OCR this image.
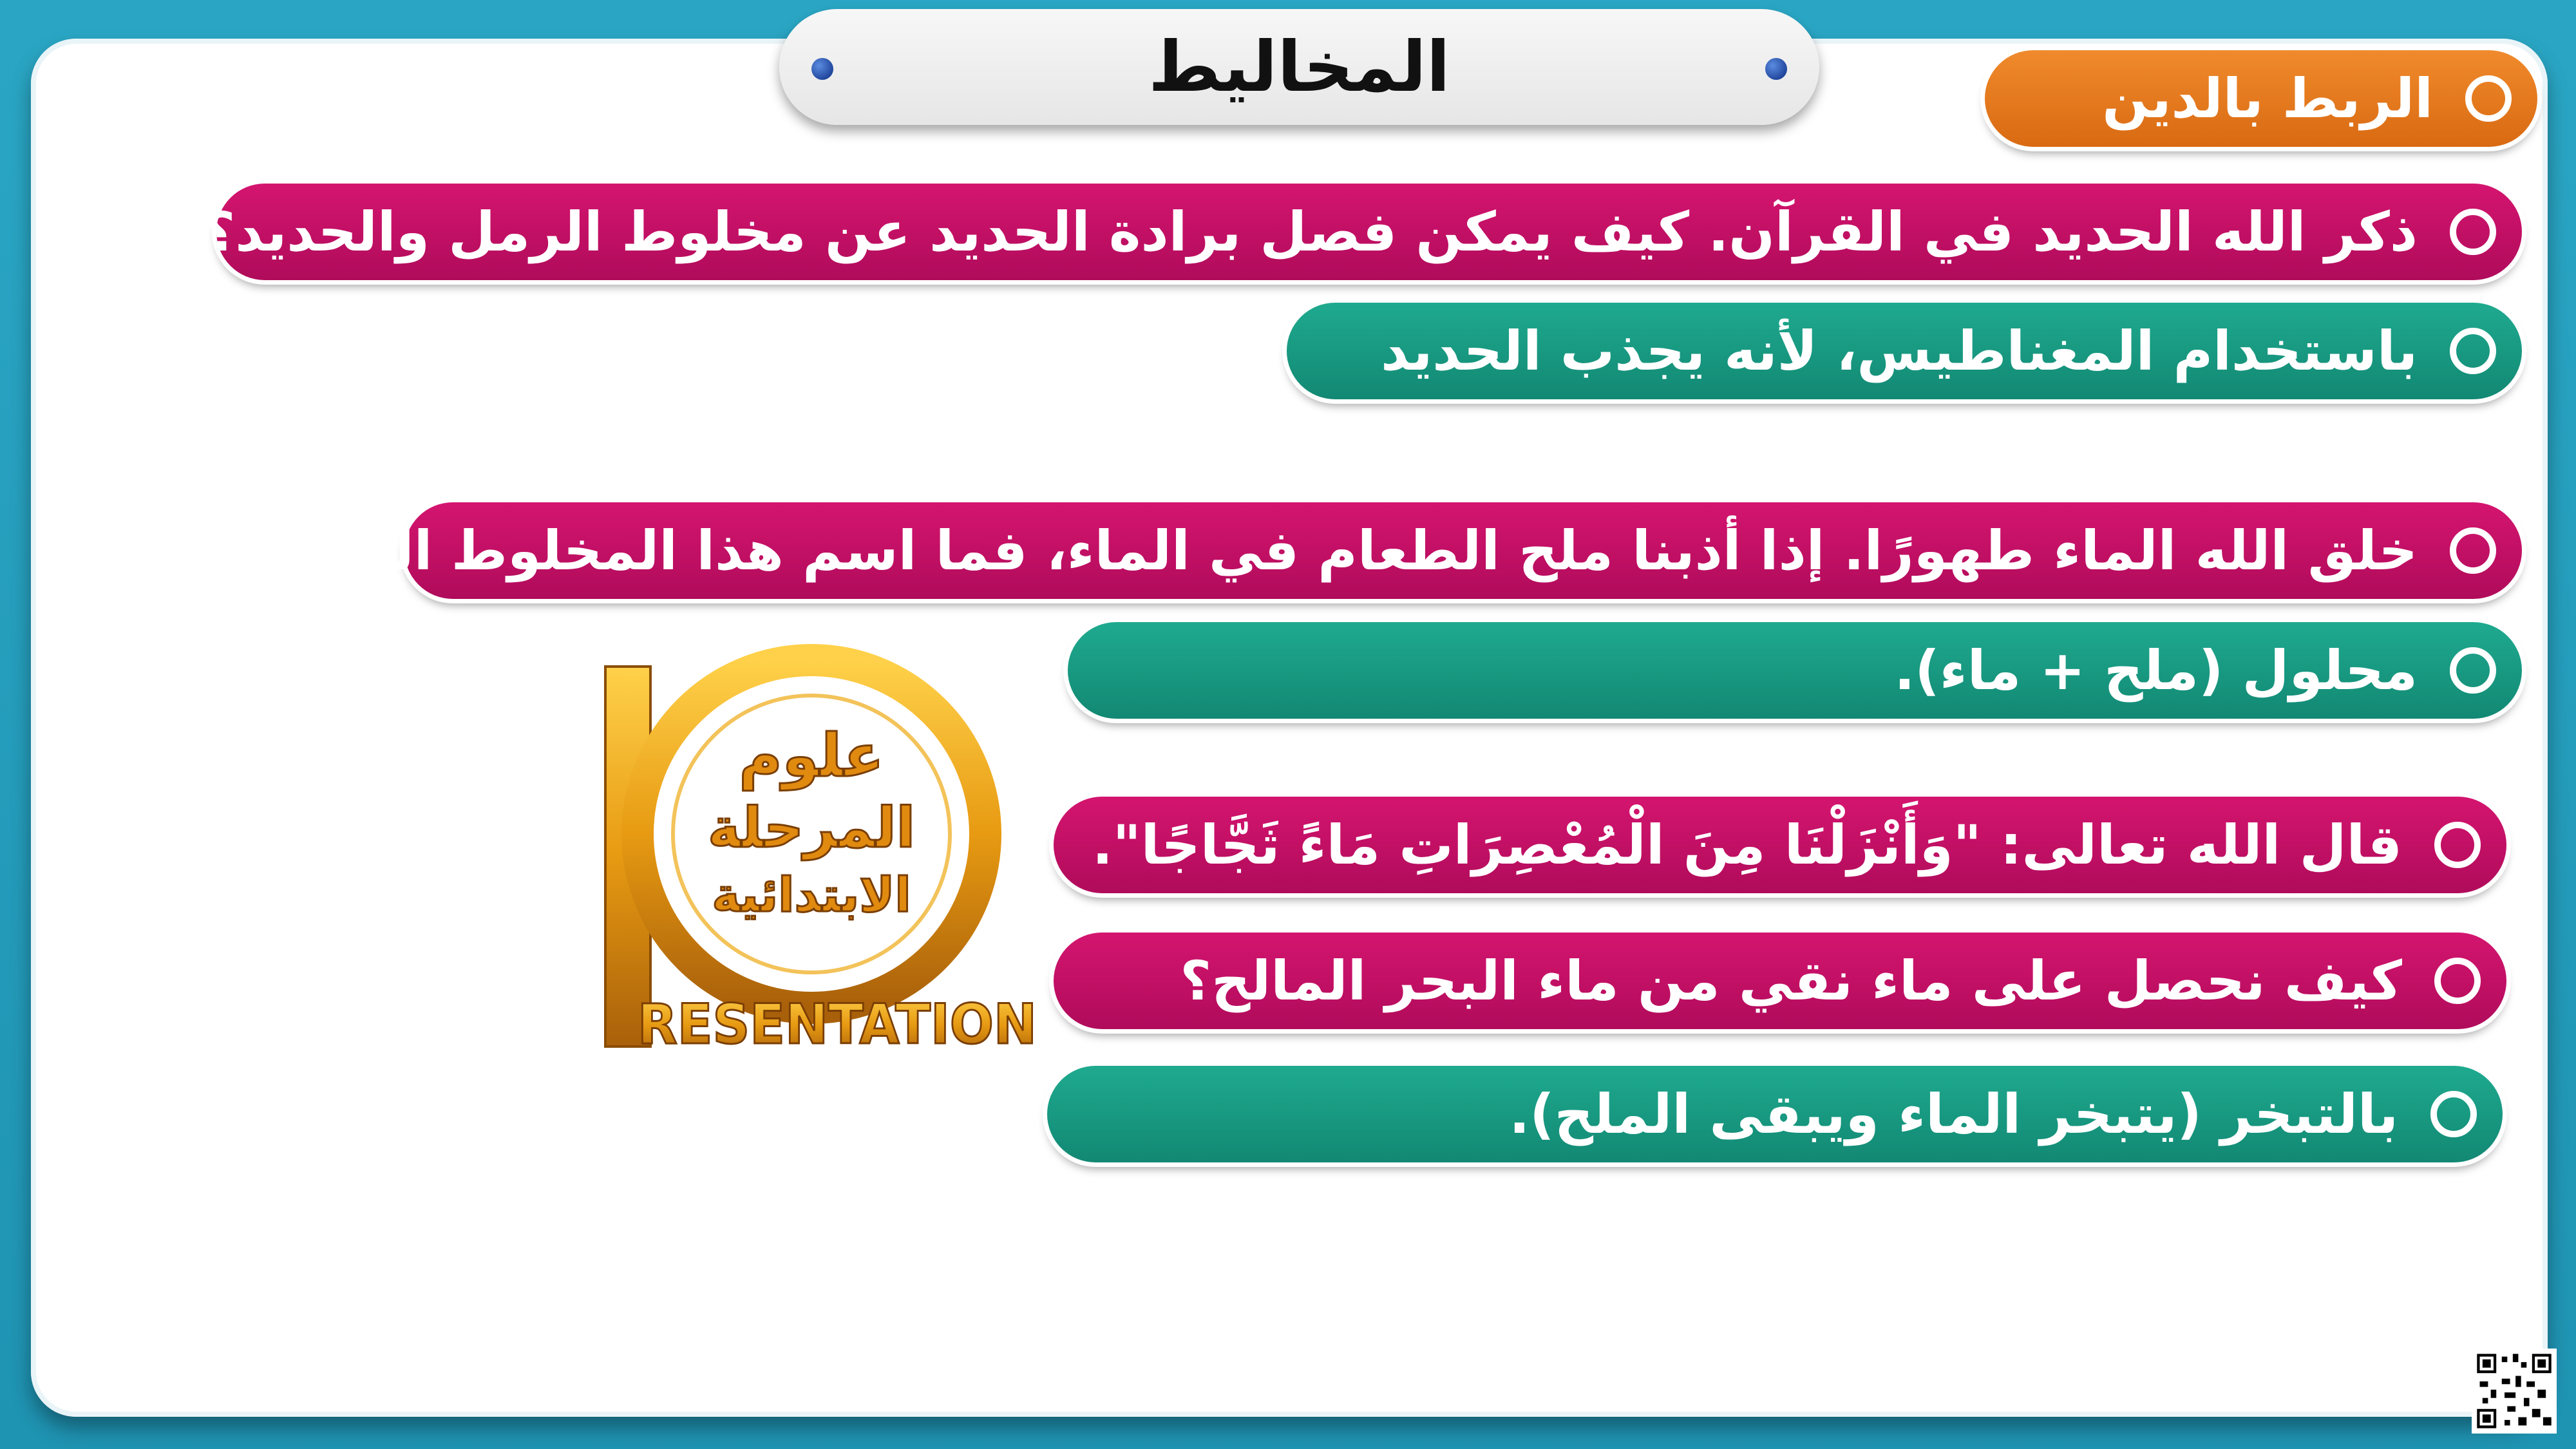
المخاليط	الربط بالدين
ذكر الله الحديد في القرآن. كيف يمكن فصل برادة الحديد عن مخلوط الرمل والحديد؟
باستخدام المغناطيس، لأنه يجذب الحديد
خلق الله الماء طهورًا. إذا أذبنا ملح الطعام في الماء، فما اسم هذا المخلوط المتجانس؟
محلول (ملح + ماء).
قال الله تعالى: "وَأَنْزَلْنَا مِنَ الْمُعْصِرَاتِ مَاءً ثَجَّاجًا".
كيف نحصل على ماء نقي من ماء البحر المالح؟
بالتبخر (يتبخر الماء ويبقى الملح).
علوم
المرحلة
الابتدائية
RESENTATION
